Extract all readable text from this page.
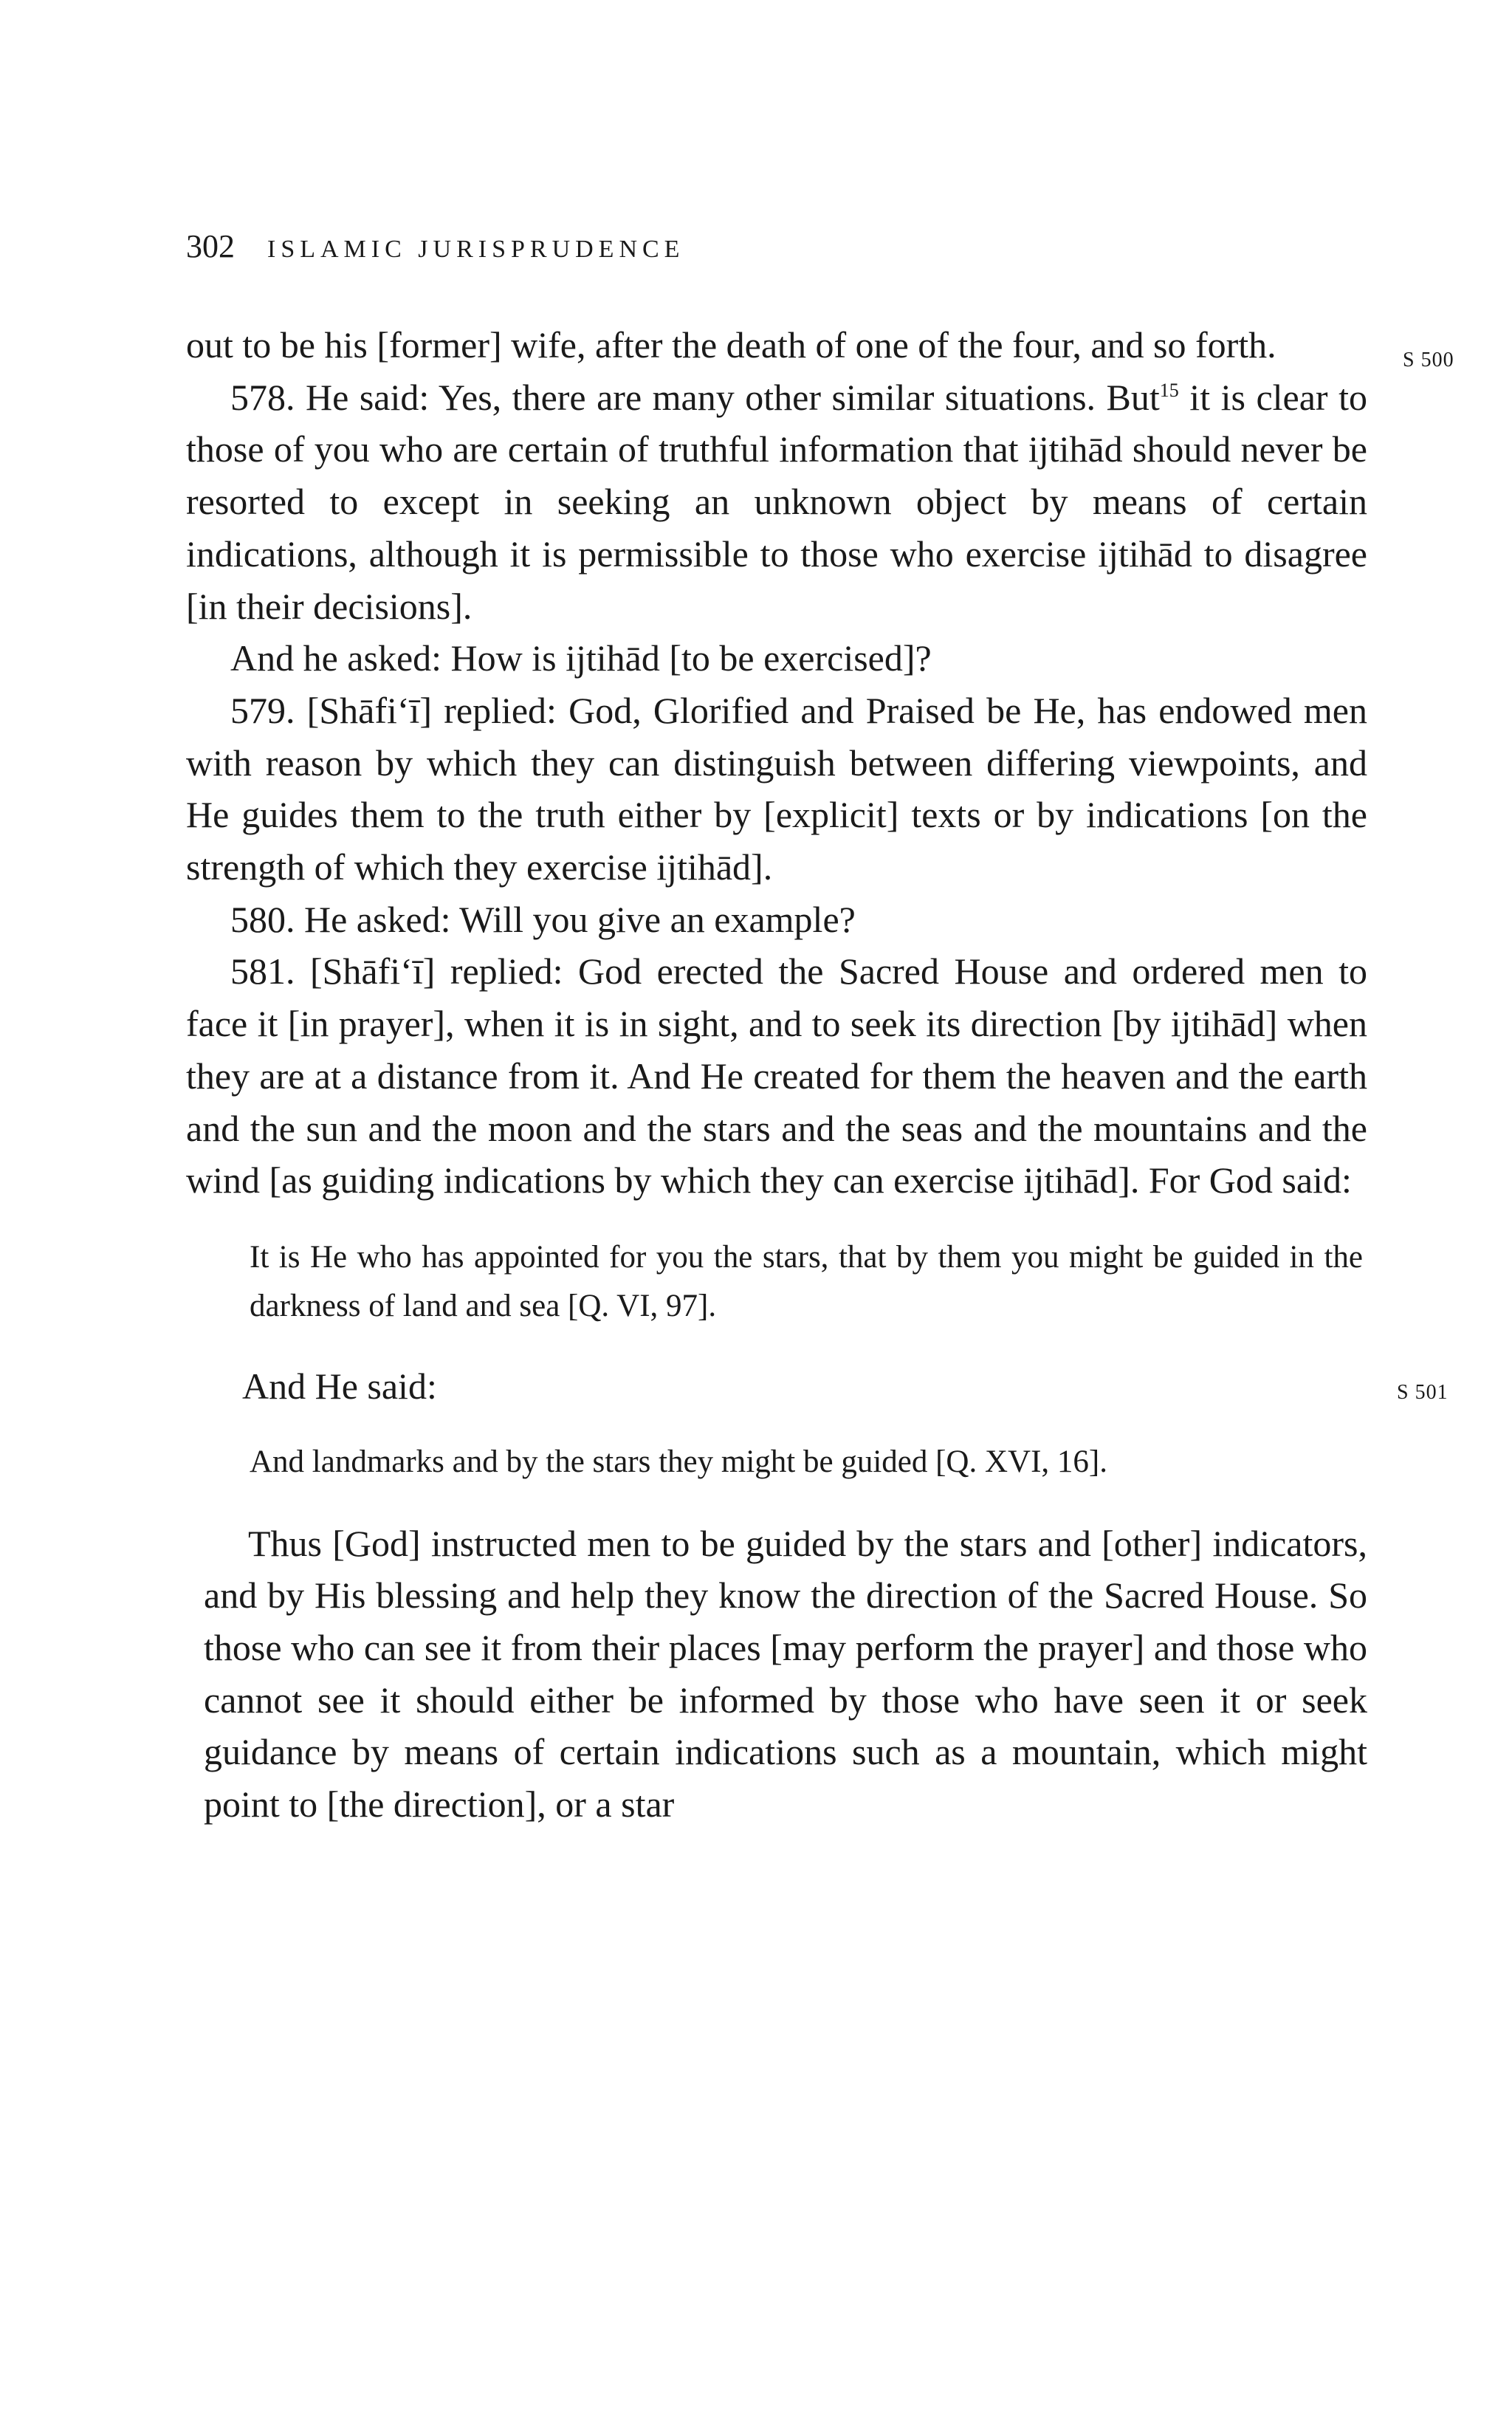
302 ISLAMIC JURISPRUDENCE
S 500
S 501

out to be his [former] wife, after the death of one of the four, and so forth.

578. He said: Yes, there are many other similar situations. But$^{15}$ it is clear to those of you who are certain of truthful information that ijtihād should never be resorted to except in seeking an unknown object by means of certain indications, although it is permissible to those who exercise ijtihād to disagree [in their decisions].

And he asked: How is ijtihād [to be exercised]?

579. [Shāfi‘ī] replied: God, Glorified and Praised be He, has endowed men with reason by which they can distinguish between differing viewpoints, and He guides them to the truth either by [explicit] texts or by indications [on the strength of which they exercise ijtihād].

580. He asked: Will you give an example?

581. [Shāfi‘ī] replied: God erected the Sacred House and ordered men to face it [in prayer], when it is in sight, and to seek its direction [by ijtihād] when they are at a distance from it. And He created for them the heaven and the earth and the sun and the moon and the stars and the seas and the mountains and the wind [as guiding indications by which they can exercise ijtihād]. For God said:

It is He who has appointed for you the stars, that by them you might be guided in the darkness of land and sea [Q. VI, 97].

And He said:

And landmarks and by the stars they might be guided [Q. XVI, 16].

Thus [God] instructed men to be guided by the stars and [other] indicators, and by His blessing and help they know the direction of the Sacred House. So those who can see it from their places [may perform the prayer] and those who cannot see it should either be informed by those who have seen it or seek guidance by means of certain indications such as a mountain, which might point to [the direction], or a star
